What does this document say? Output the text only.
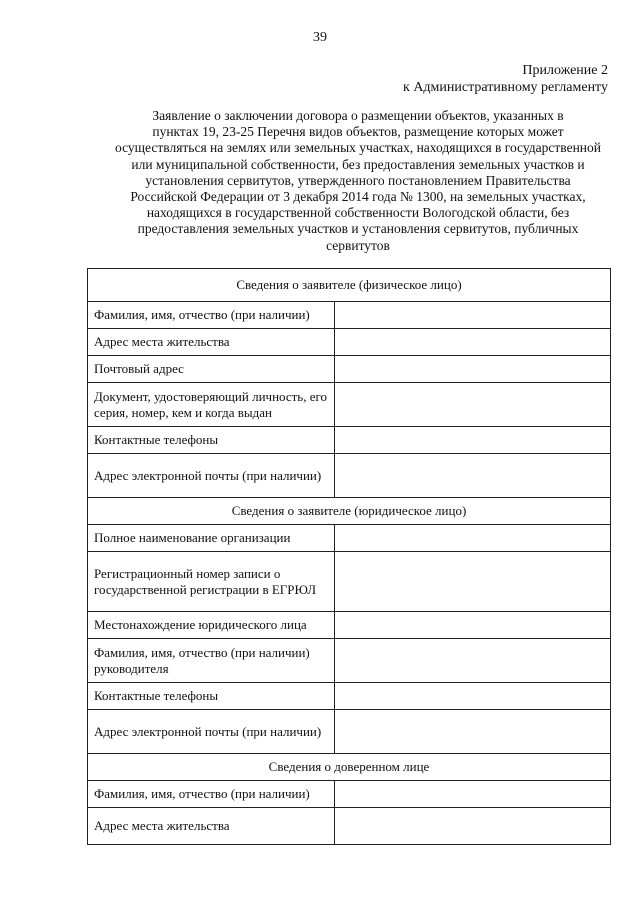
39
Приложение 2
к Административному регламенту
Заявление о заключении договора о размещении объектов, указанных в
пунктах 19, 23-25 Перечня видов объектов, размещение которых может
осуществляться на землях или земельных участках, находящихся в государственной
или муниципальной собственности, без предоставления земельных участков и
установления сервитутов, утвержденного постановлением Правительства
Российской Федерации от 3 декабря 2014 года № 1300, на земельных участках,
находящихся в государственной собственности Вологодской области, без
предоставления земельных участков и установления сервитутов, публичных
сервитутов
Сведения о заявителе (физическое лицо)	
Фамилия, имя, отчество (при наличии)	
Адрес места жительства	
Почтовый адрес	
Документ, удостоверяющий личность, его серия, номер, кем и когда выдан	
Контактные телефоны	
Адрес электронной почты (при наличии)	
Сведения о заявителе (юридическое лицо)	
Полное наименование организации	
Регистрационный номер записи о государственной регистрации в ЕГРЮЛ	
Местонахождение юридического лица	
Фамилия, имя, отчество (при наличии) руководителя	
Контактные телефоны	
Адрес электронной почты (при наличии)	
Сведения о доверенном лице	
Фамилия, имя, отчество (при наличии)	
Адрес места жительства	
